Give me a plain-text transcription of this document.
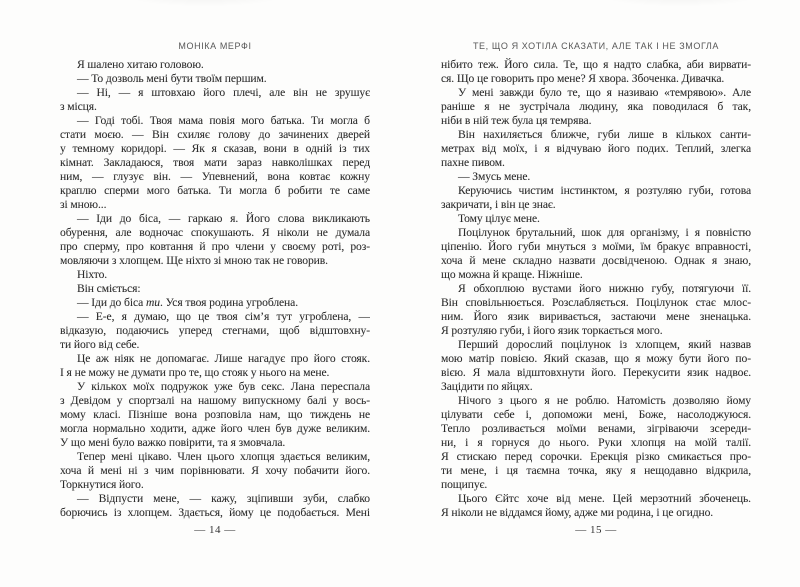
МОНІКА МЕРФІ
Я шалено хитаю головою.
— То дозволь мені бути твоїм першим.
— Ні, — я штовхаю його плечі, але він не зрушує
з місця.
— Годі тобі. Твоя мама повія мого батька. Ти могла б
стати моєю. — Він схиляє голову до зачинених дверей
у темному коридорі. — Як я сказав, вони в одній із тих
кімнат. Закладаюся, твоя мати зараз навколішках перед
ним, — глузує він. — Упевнений, вона ковтає кожну
краплю сперми мого батька. Ти могла б робити те саме
зі мною...
— Іди до біса, — гаркаю я. Його слова викликають
обурення, але водночас спокушають. Я ніколи не думала
про сперму, про ковтання й про члени у своєму роті, роз-
мовляючи з хлопцем. Ще ніхто зі мною так не говорив.
Ніхто.
Він сміється:
— Іди до біса ти. Уся твоя родина угроблена.
— Е-е, я думаю, що це твоя сім’я тут угроблена, —
відказую, подаючись уперед стегнами, щоб відштовхну-
ти його від себе.
Це аж ніяк не допомагає. Лише нагадує про його стояк.
І я не можу не думати про те, що стояк у нього на мене.
У кількох моїх подружок уже був секс. Лана переспала
з Девідом у спортзалі на нашому випускному балі у вось-
мому класі. Пізніше вона розповіла нам, що тиждень не
могла нормально ходити, адже його член був дуже великим.
У що мені було важко повірити, та я змовчала.
Тепер мені цікаво. Член цього хлопця здається великим,
хоча й мені ні з чим порівнювати. Я хочу побачити його.
Торкнутися його.
— Відпусти мене, — кажу, зціпивши зуби, слабко
борючись із хлопцем. Здається, йому це подобається. Мені
— 14 —
ТЕ, ЩО Я ХОТІЛА СКАЗАТИ, АЛЕ ТАК І НЕ ЗМОГЛА
нібито теж. Його сила. Те, що я надто слабка, аби вирвати-
ся. Що це говорить про мене? Я хвора. Збоченка. Дивачка.
У мені завжди було те, що я називаю «темрявою». Але
раніше я не зустрічала людину, яка поводилася б так,
ніби в ній теж була ця темрява.
Він нахиляється ближче, губи лише в кількох санти-
метрах від моїх, і я відчуваю його подих. Теплий, злегка
пахне пивом.
— Змусь мене.
Керуючись чистим інстинктом, я розтуляю губи, готова
закричати, і він це знає.
Тому цілує мене.
Поцілунок брутальний, шок для організму, і я повністю
ціпенію. Його губи мнуться з моїми, їм бракує вправності,
хоча й мене складно назвати досвідченою. Однак я знаю,
що можна й краще. Ніжніше.
Я обхоплюю вустами його нижню губу, потягуючи її.
Він сповільнюється. Розслабляється. Поцілунок стає млос-
ним. Його язик виривається, застаючи мене зненацька.
Я розтуляю губи, і його язик торкається мого.
Перший дорослий поцілунок із хлопцем, який назвав
мою матір повією. Який сказав, що я можу бути його по-
вією. Я мала відштовхнути його. Перекусити язик надвоє.
Зацідити по яйцях.
Нічого з цього я не роблю. Натомість дозволяю йому
цілувати себе і, допоможи мені, Боже, насолоджуюся.
Тепло розливається моїми венами, зігріваючи зсереди-
ни, і я горнуся до нього. Руки хлопця на моїй талії.
Я стискаю перед сорочки. Ерекція різко смикається про-
ти мене, і ця таємна точка, яку я нещодавно відкрила,
пощипує.
Цього Єйтс хоче від мене. Цей мерзотний збоченець.
Я ніколи не віддамся йому, адже ми родина, і це огидно.
— 15 —
